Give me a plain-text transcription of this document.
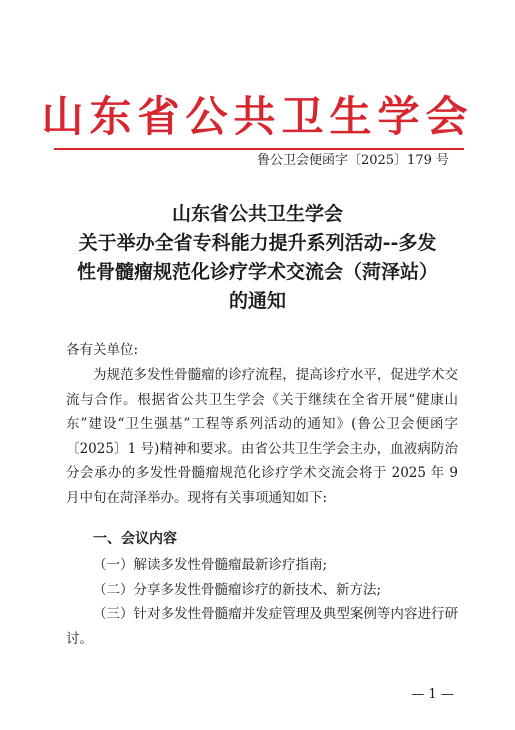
山东省公共卫生学会
鲁公卫会便函字〔2025〕179 号
山东省公共卫生学会
关于举办全省专科能力提升系列活动--多发
性骨髓瘤规范化诊疗学术交流会（菏泽站）
的通知
各有关单位:
为规范多发性骨髓瘤的诊疗流程，提高诊疗水平，促进学术交流与合作。根据省公共卫生学会《关于继续在全省开展“健康山东”建设“卫生强基”工程等系列活动的通知》(鲁公卫会便函字〔2025〕1 号)精神和要求。由省公共卫生学会主办，血液病防治分会承办的多发性骨髓瘤规范化诊疗学术交流会将于 2025 年 9 月中旬在菏泽举办。现将有关事项通知如下:
一、会议内容
（一）解读多发性骨髓瘤最新诊疗指南;
（二）分享多发性骨髓瘤诊疗的新技术、新方法;
（三）针对多发性骨髓瘤并发症管理及典型案例等内容进行研讨。
— 1 —
